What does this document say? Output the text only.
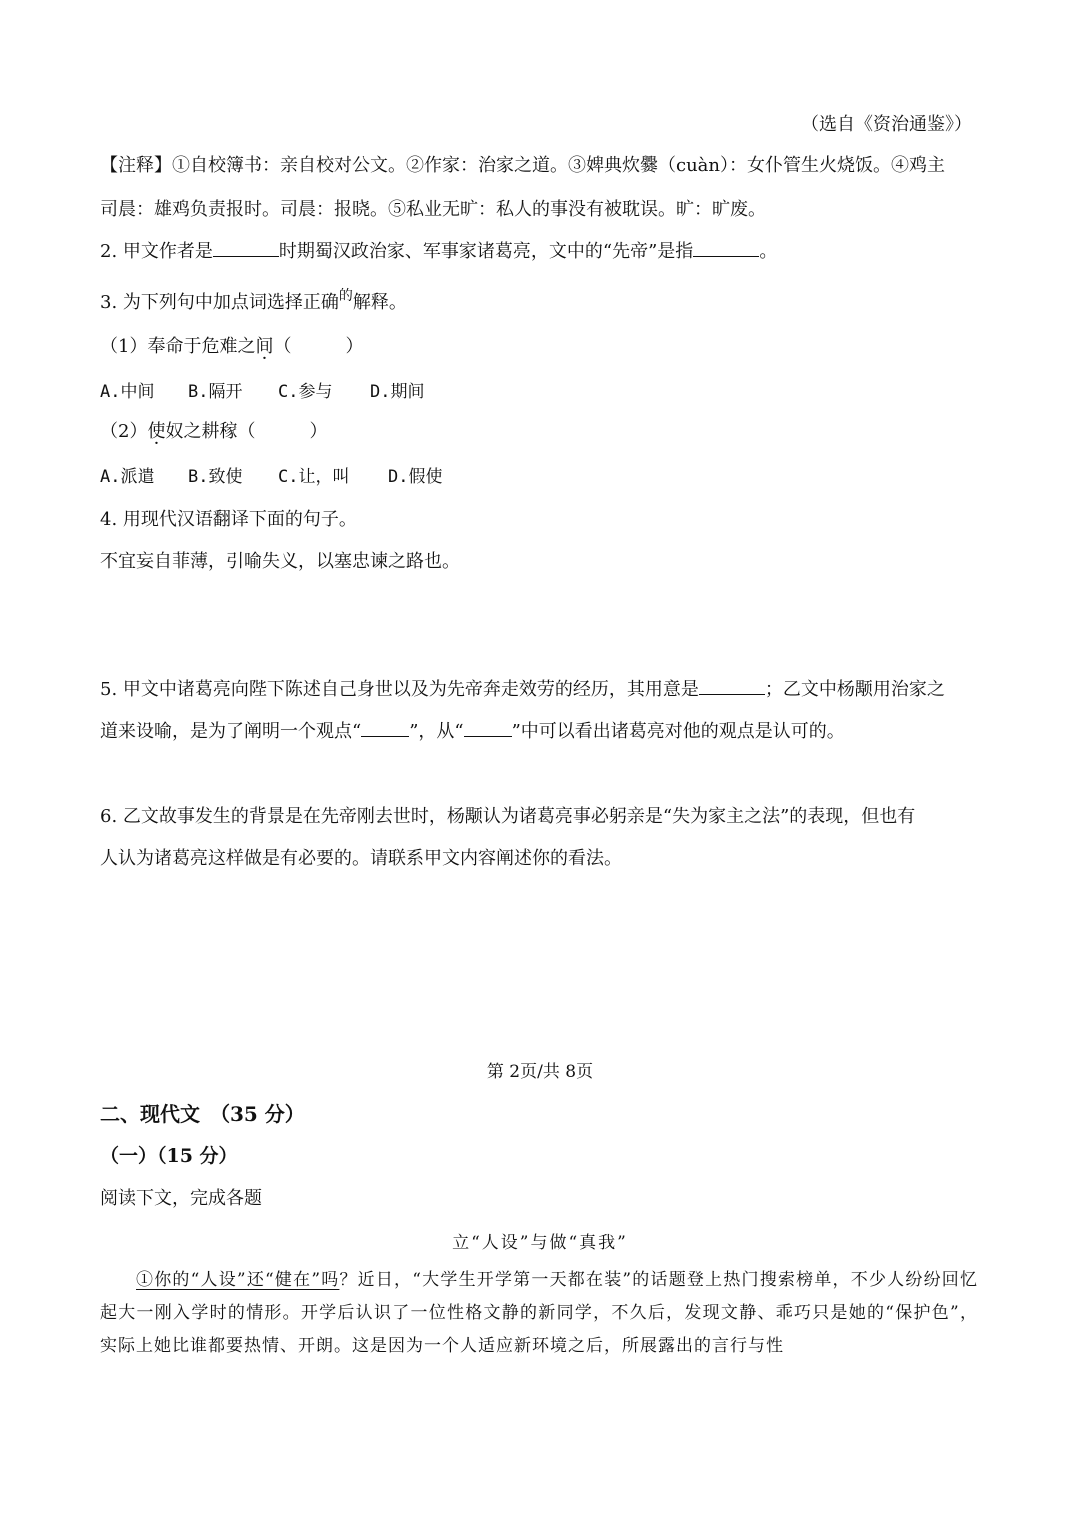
（选自《资治通鉴》）
【注释】①自校簿书：亲自校对公文。②作家：治家之道。③婢典炊爨（cuàn）：女仆管生火烧饭。④鸡主
司晨：雄鸡负责报时。司晨：报晓。⑤私业无旷：私人的事没有被耽误。旷：旷废。
2. 甲文作者是	时期蜀汉政治家、军事家诸葛亮，文中的“先帝”是指	。
3. 为下列句中加点词选择正确$^的$解释。
（1）奉命于危难之间（　　　）
A.中间 B.隔开 C.参与 D.期间
（2）使奴之耕稼（　　　）
A.派遣 B.致使 C.让，叫 D.假使
4. 用现代汉语翻译下面的句子。
不宜妄自菲薄，引喻失义，以塞忠谏之路也。
5. 甲文中诸葛亮向陛下陈述自己身世以及为先帝奔走效劳的经历，其用意是	；乙文中杨颙用治家之
道来设喻，是为了阐明一个观点“	”，从“	”中可以看出诸葛亮对他的观点是认可的。
6. 乙文故事发生的背景是在先帝刚去世时，杨颙认为诸葛亮事必躬亲是“失为家主之法”的表现，但也有
人认为诸葛亮这样做是有必要的。请联系甲文内容阐述你的看法。
二、现代文　（35 分）
（一）（15 分）
阅读下文，完成各题
立“人设”与做“真我”
①你的“人设”还“健在”吗？近日，“大学生开学第一天都在装”的话题登上热门搜索榜单，不少人纷纷回忆起大一刚入学时的情形。开学后认识了一位性格文静的新同学，不久后，发现文静、乖巧只是她的“保护色”，实际上她比谁都要热情、开朗。这是因为一个人适应新环境之后，所展露出的言行与性
第 2页/共 8页
